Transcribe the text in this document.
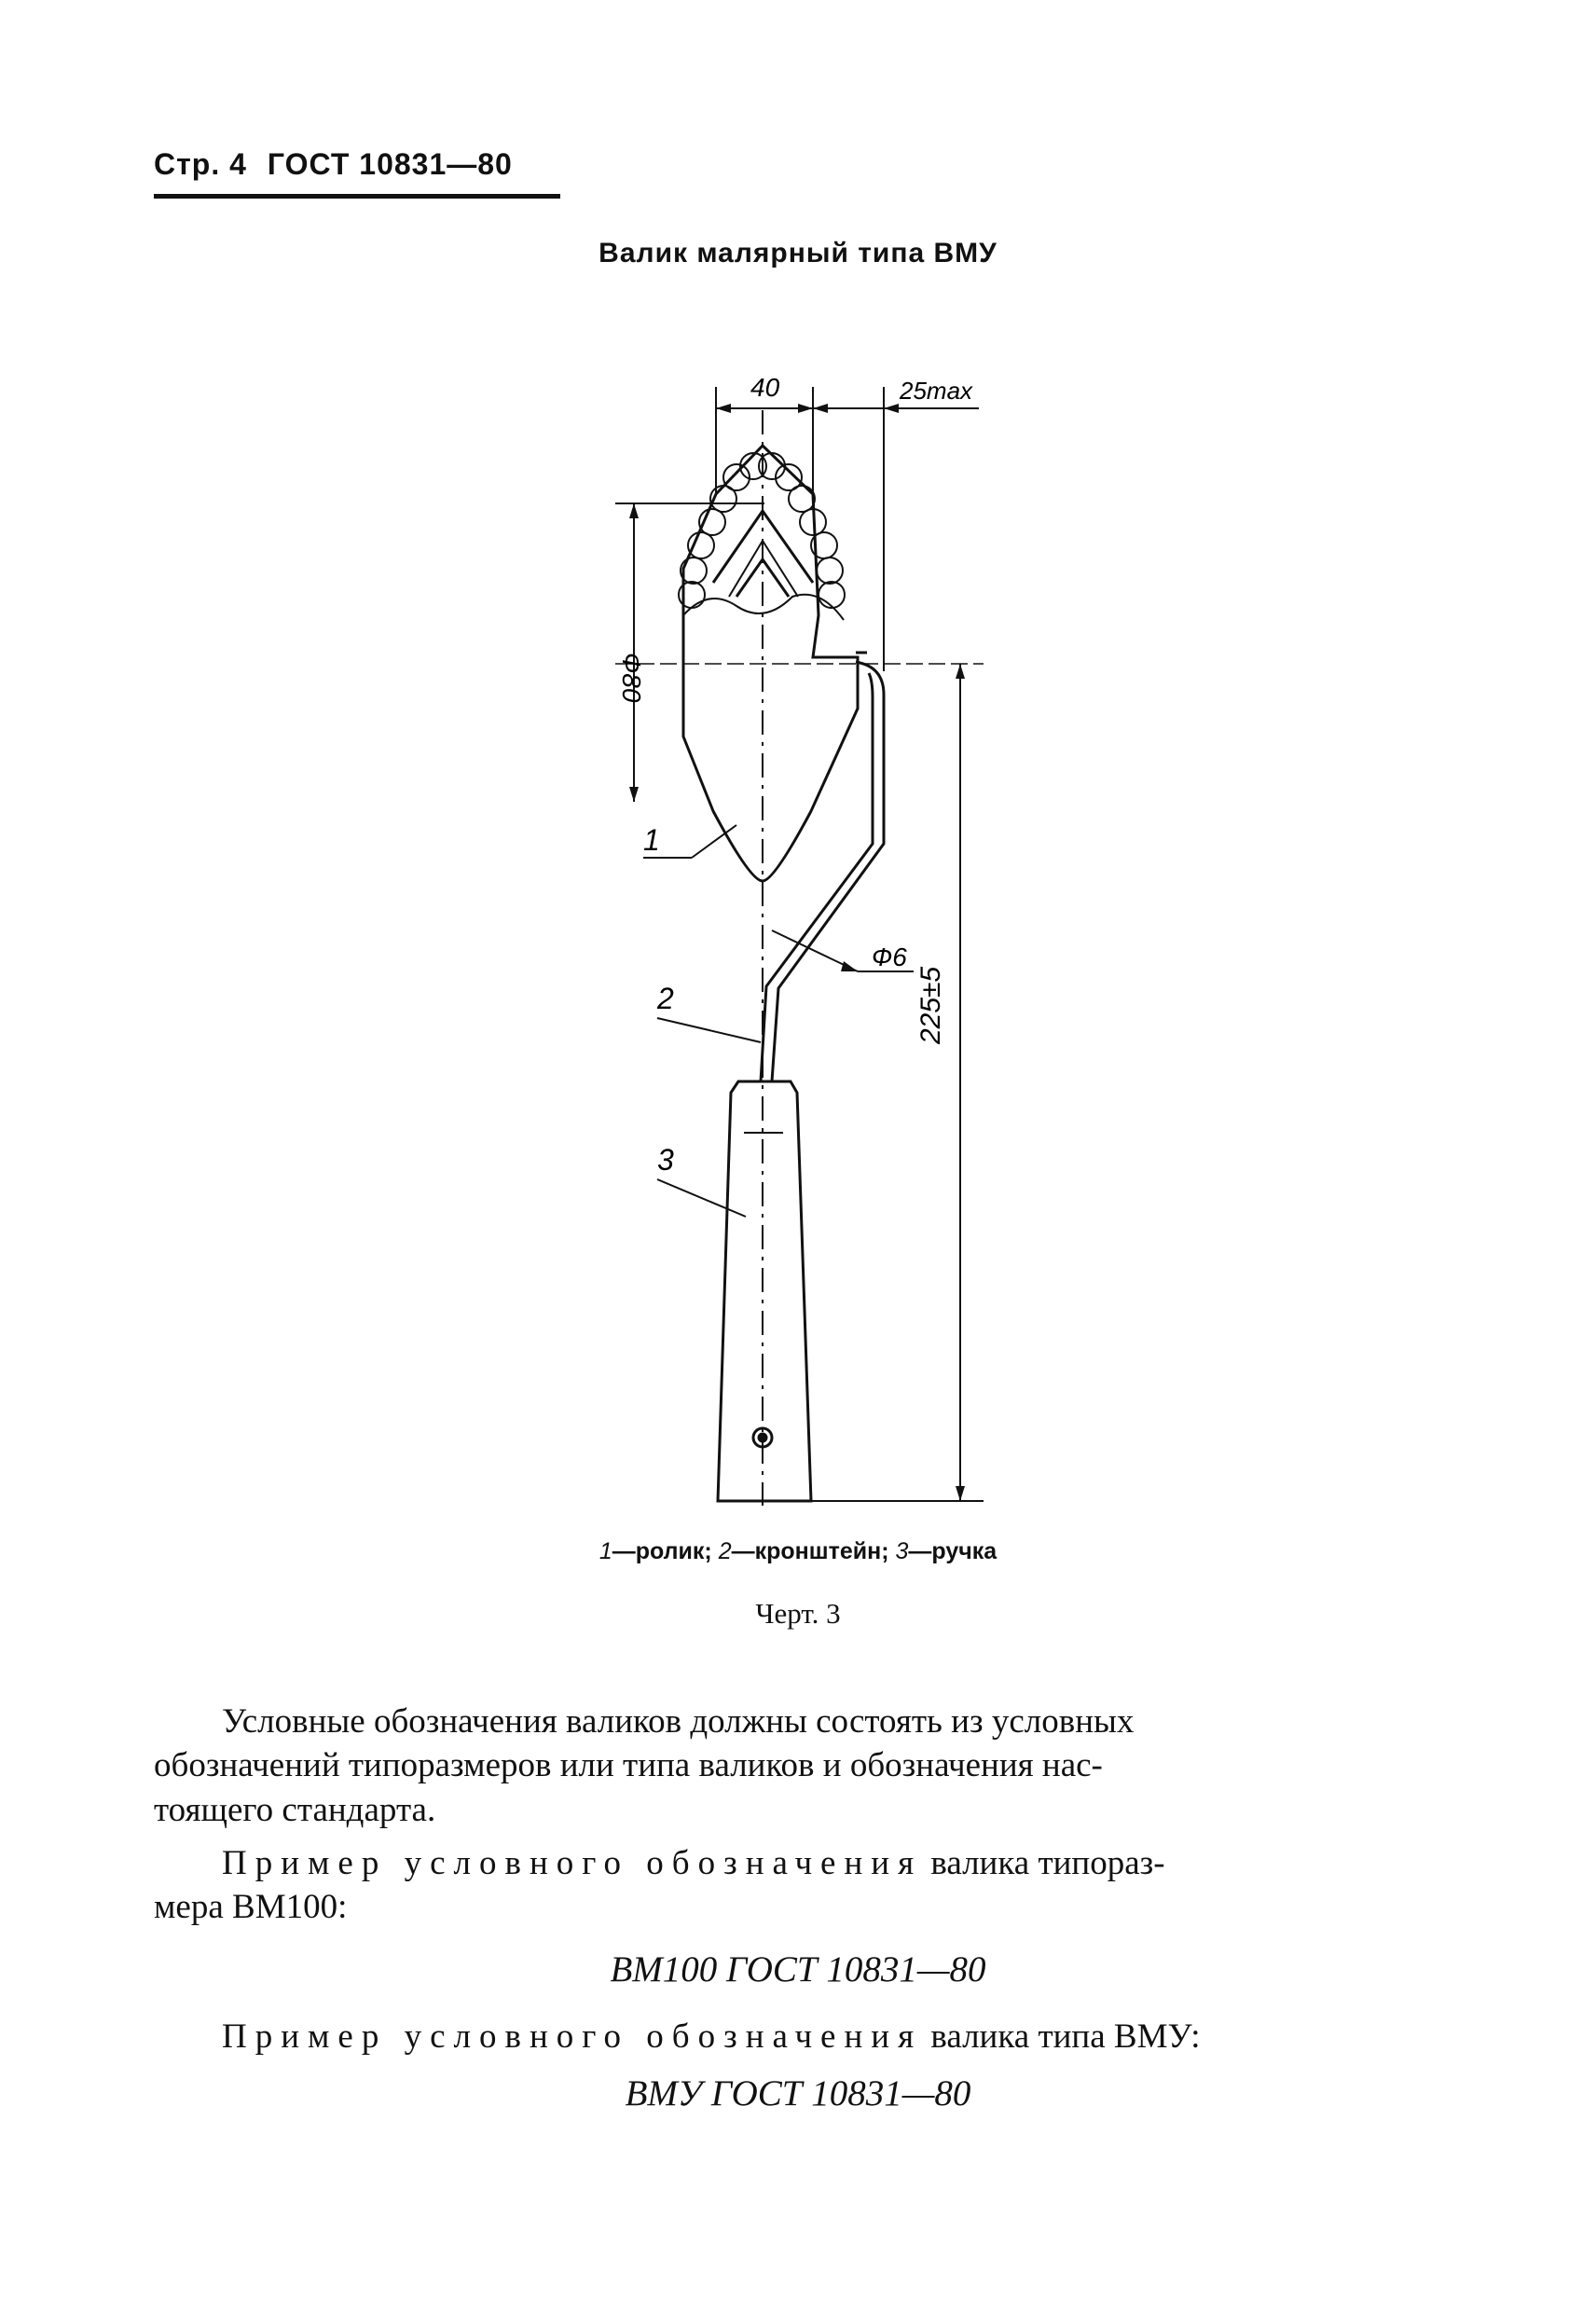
Стр. 4 ГОСТ 10831—80
Валик малярный типа ВМУ
40	25max
Ф80
Ф6
225±5
1
2
3
1—ролик; 2—кронштейн; 3—ручка
Черт. 3
Условные обозначения валиков должны состоять из условных
обозначений типоразмеров или типа валиков и обозначения нас-
тоящего стандарта.
Пример условного обозначения валика типораз-
мера ВМ100:
ВМ100 ГОСТ 10831—80
Пример условного обозначения валика типа ВМУ:
ВМУ ГОСТ 10831—80
